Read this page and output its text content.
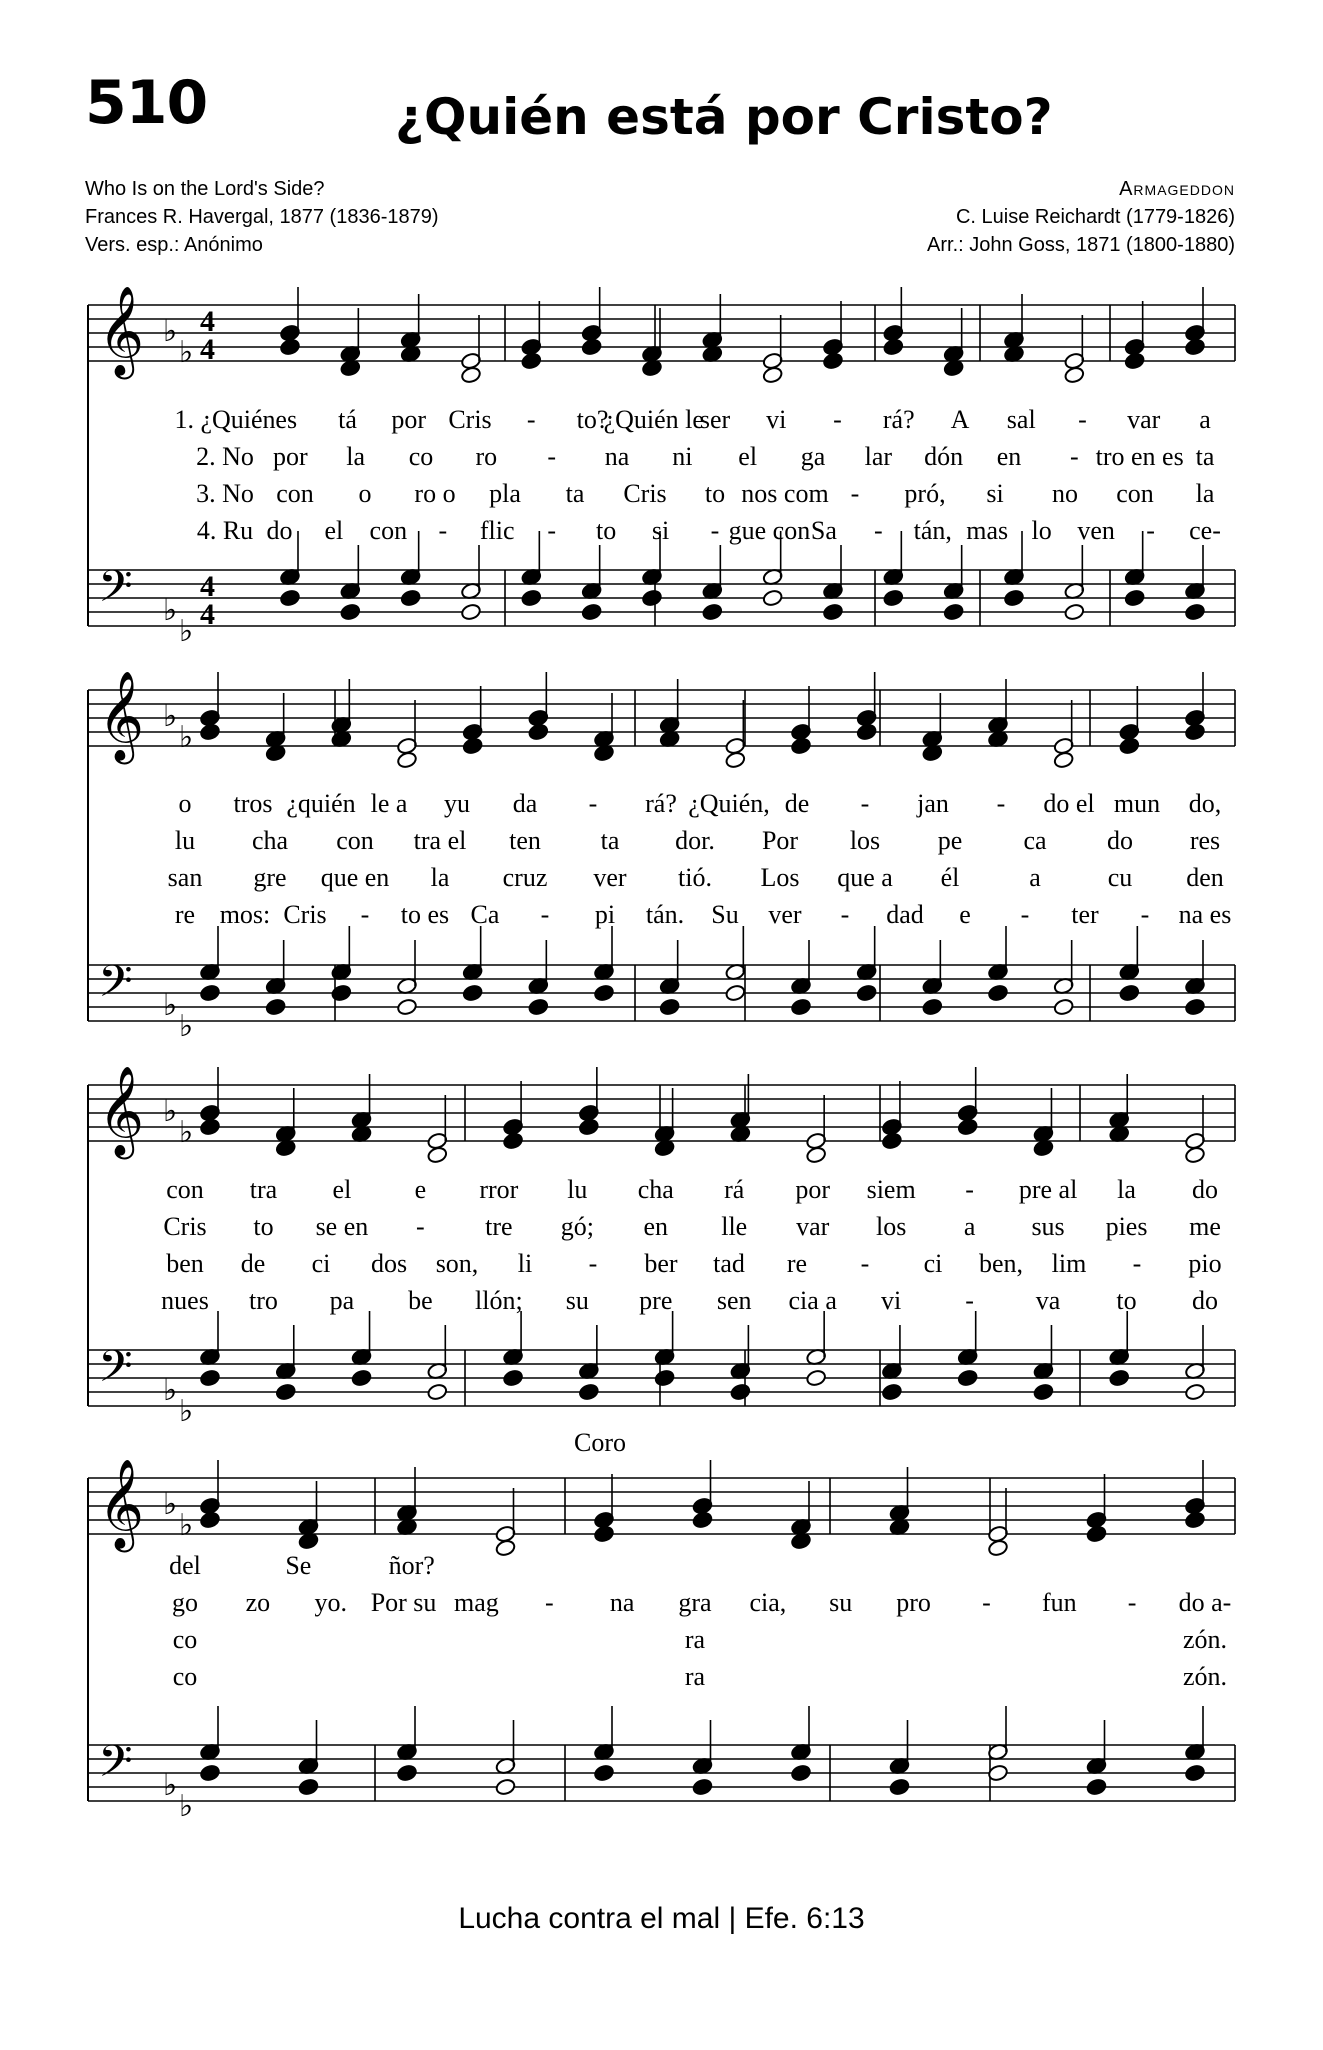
510	¿Quién está por Cristo?
Who Is on the Lord's Side?
Frances R. Havergal, 1877 (1836-1879)
Vers. esp.: Anónimo
Armageddon
C. Luise Reichardt (1779-1826)
Arr.: John Goss, 1871 (1800-1880)
𝄞 ♭
♭
4
4
𝄢 ♭
♭
4
4
1. ¿Quién es tá por Cris - to?
¿Quién le
ser vi - rá? A sal - var a
2. No por la co ro - na ni el ga lar dón en - tro en es ta
3. No con o ro o pla ta Cris to nos com - pró, si no con la
4. Ru do el con - flic - to si - gue con Sa - tán, mas lo ven - ce-
𝄞 ♭
♭
𝄢 ♭
♭
o tros ¿quién le a yu da - rá? ¿Quién, de - jan - do el mun do,
lu cha con tra el ten ta dor. Por los pe ca do res
san gre que en la cruz ver tió. Los que a él	a	cu den
re mos: Cris - to es Ca - pi tán. Su ver - dad e - ter - na es
𝄞 ♭
♭
𝄢 ♭
♭
con tra el e rror lu cha rá por siem - pre al la do
Cris to se en - tre gó; en lle var los a sus pies me
ben de ci dos son, li - ber tad re - ci ben, lim - pio
nues tro pa be llón; su pre sen cia a vi - va to do
𝄞 ♭
♭
𝄢 ♭
♭
del	Se	ñor?
go zo yo. Por su mag - na gra cia, su pro - fun - do a-
co	ra	zón.
co	ra	zón.
Coro
Lucha contra el mal | Efe. 6:13
